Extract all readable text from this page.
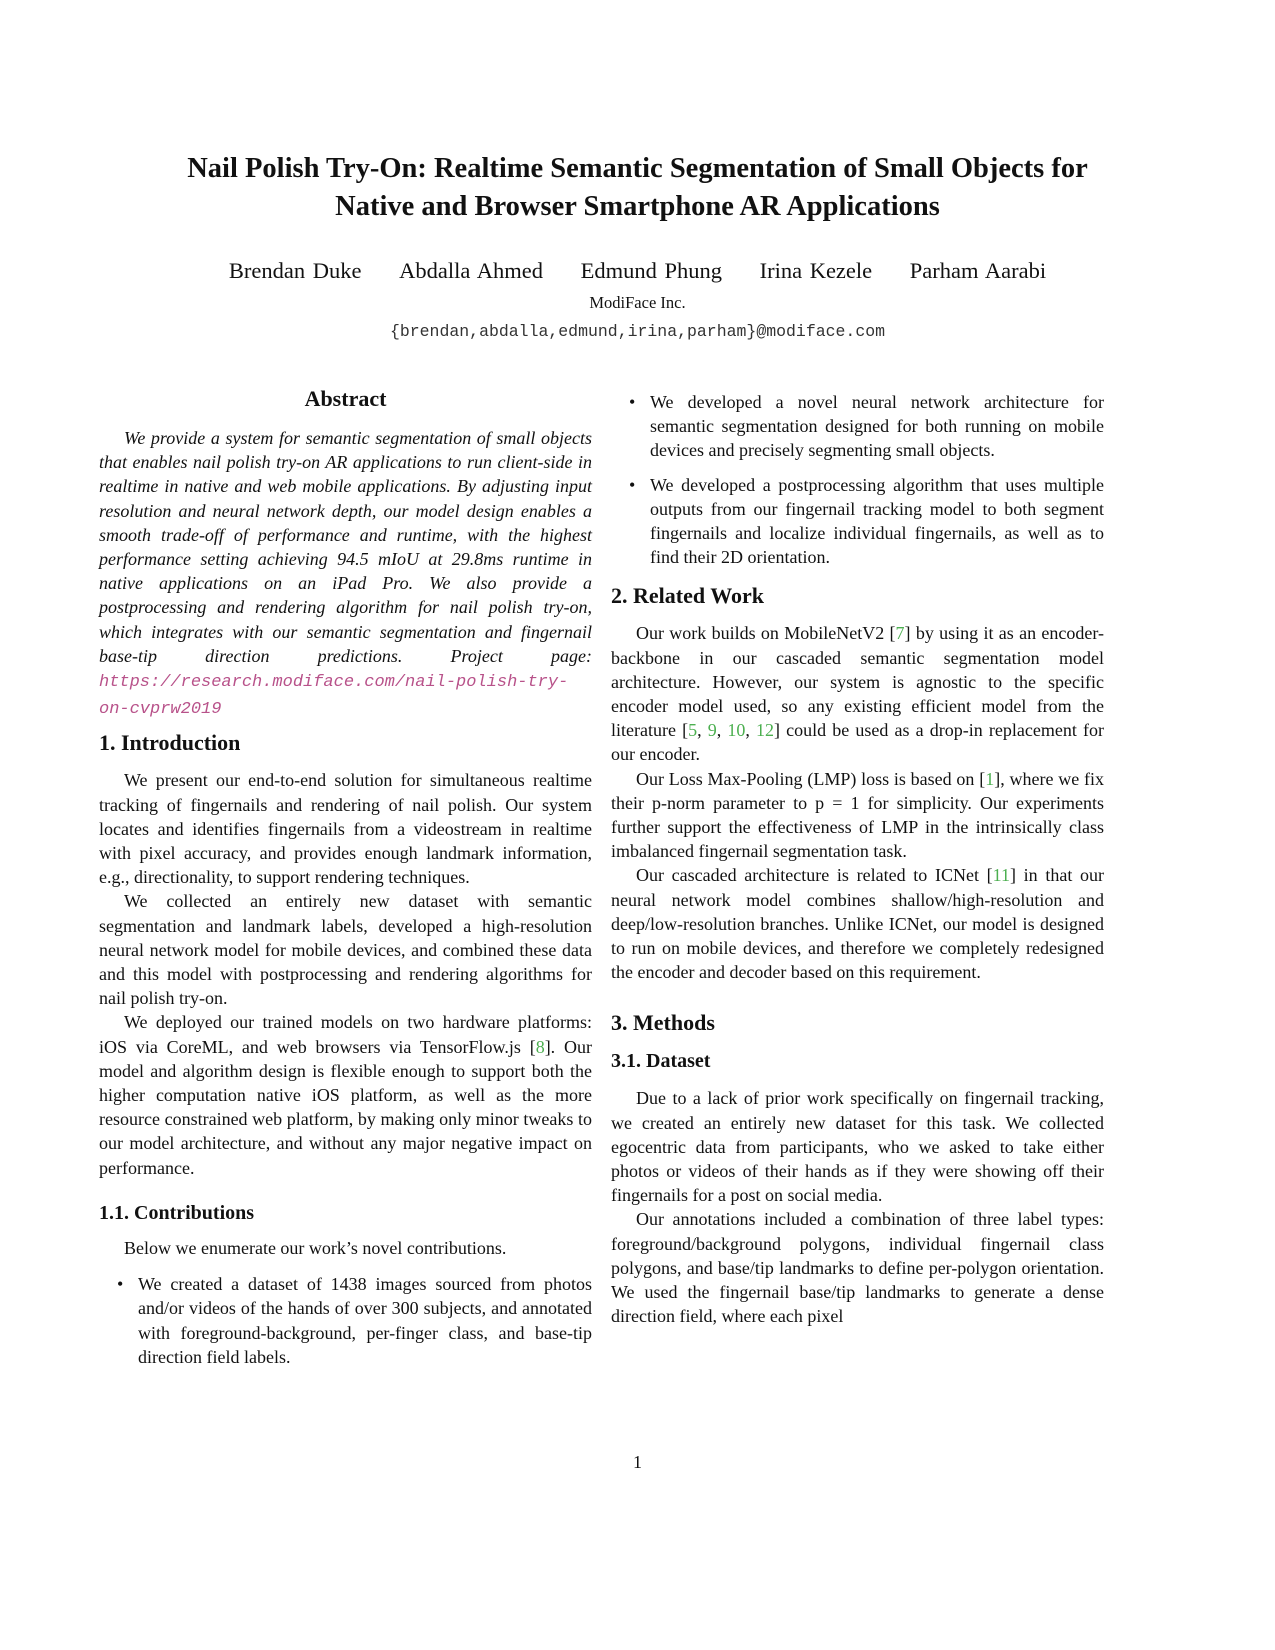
Nail Polish Try-On: Realtime Semantic Segmentation of Small Objects for
Native and Browser Smartphone AR Applications
Brendan Duke Abdalla Ahmed Edmund Phung Irina Kezele Parham Aarabi
ModiFace Inc.
{brendan,abdalla,edmund,irina,parham}@modiface.com
Abstract

We provide a system for semantic segmentation of small objects that enables nail polish try-on AR applications to run client-side in realtime in native and web mobile applications. By adjusting input resolution and neural network depth, our model design enables a smooth trade-off of performance and runtime, with the highest performance setting achieving 94.5 mIoU at 29.8ms runtime in native applications on an iPad Pro. We also provide a postprocessing and rendering algorithm for nail polish try-on, which integrates with our semantic segmentation and fingernail base-tip direction predictions. Project page: https://research.modiface.com/nail-polish-try-on-cvprw2019

1. Introduction

We present our end-to-end solution for simultaneous realtime tracking of fingernails and rendering of nail polish. Our system locates and identifies fingernails from a videostream in realtime with pixel accuracy, and provides enough landmark information, e.g., directionality, to support rendering techniques.

We collected an entirely new dataset with semantic segmentation and landmark labels, developed a high-resolution neural network model for mobile devices, and combined these data and this model with postprocessing and rendering algorithms for nail polish try-on.

We deployed our trained models on two hardware platforms: iOS via CoreML, and web browsers via TensorFlow.js [8]. Our model and algorithm design is flexible enough to support both the higher computation native iOS platform, as well as the more resource constrained web platform, by making only minor tweaks to our model architecture, and without any major negative impact on performance.

1.1. Contributions

Below we enumerate our work’s novel contributions.

• We created a dataset of 1438 images sourced from photos and/or videos of the hands of over 300 subjects, and annotated with foreground-background, per-finger class, and base-tip direction field labels.
• We developed a novel neural network architecture for semantic segmentation designed for both running on mobile devices and precisely segmenting small objects.
• We developed a postprocessing algorithm that uses multiple outputs from our fingernail tracking model to both segment fingernails and localize individual fingernails, as well as to find their 2D orientation.
2. Related Work

Our work builds on MobileNetV2 [7] by using it as an encoder-backbone in our cascaded semantic segmentation model architecture. However, our system is agnostic to the specific encoder model used, so any existing efficient model from the literature [5, 9, 10, 12] could be used as a drop-in replacement for our encoder.

Our Loss Max-Pooling (LMP) loss is based on [1], where we fix their p-norm parameter to p = 1 for simplicity. Our experiments further support the effectiveness of LMP in the intrinsically class imbalanced fingernail segmentation task.

Our cascaded architecture is related to ICNet [11] in that our neural network model combines shallow/high-resolution and deep/low-resolution branches. Unlike ICNet, our model is designed to run on mobile devices, and therefore we completely redesigned the encoder and decoder based on this requirement.

3. Methods
3.1. Dataset

Due to a lack of prior work specifically on fingernail tracking, we created an entirely new dataset for this task. We collected egocentric data from participants, who we asked to take either photos or videos of their hands as if they were showing off their fingernails for a post on social media.

Our annotations included a combination of three label types: foreground/background polygons, individual fingernail class polygons, and base/tip landmarks to define per-polygon orientation. We used the fingernail base/tip landmarks to generate a dense direction field, where each pixel

1
